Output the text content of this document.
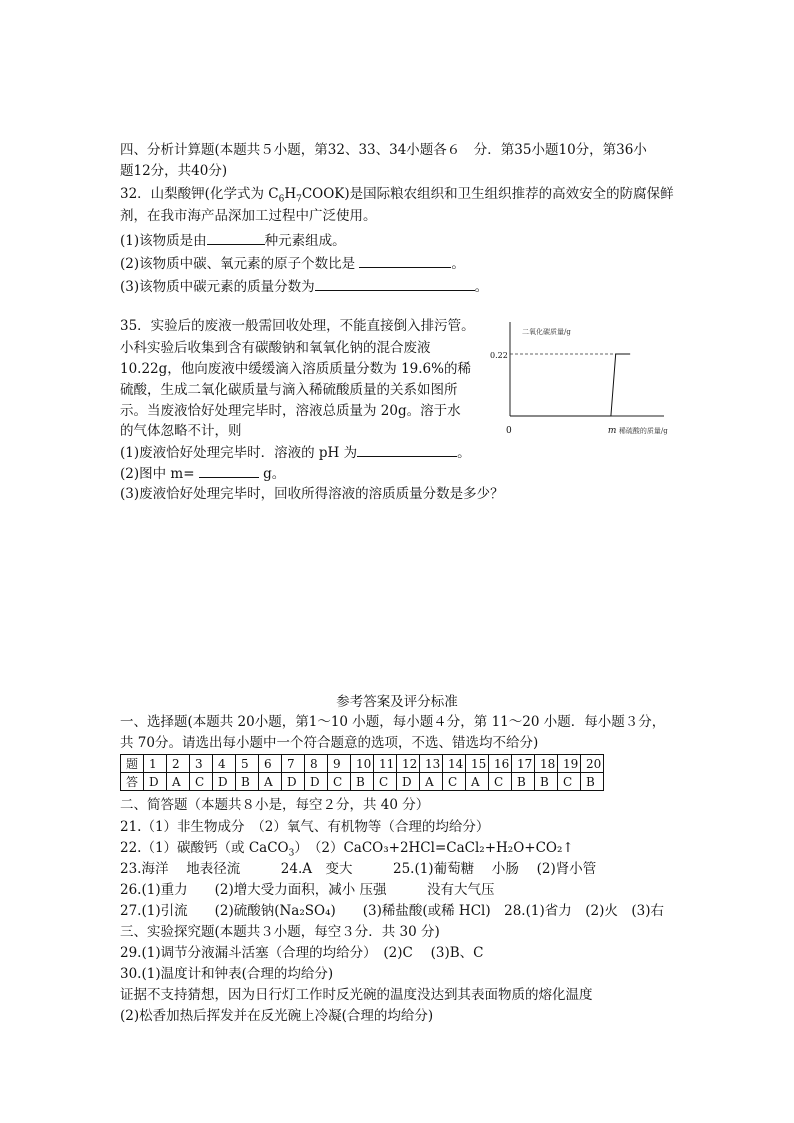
四、分析计算题(本题共５小题，第32、33、34小题各６　分．第35小题10分，第36小
题12分，共40分)
32．山梨酸钾(化学式为 $C_6H_7COOK$)是国际粮农组织和卫生组织推荐的高效安全的防腐保鲜
剂，在我市海产品深加工过程中广泛使用。
(1)该物质是由	种元素组成。
(2)该物质中碳、氧元素的原子个数比是	。
(3)该物质中碳元素的质量分数为	。
35．实验后的废液一般需回收处理，不能直接倒入排污管。
小科实验后收集到含有碳酸钠和氧氧化钠的混合废液
10.22g，他向废液中缓缓滴入溶质质量分数为 19.6%的稀
硫酸，生成二氧化碳质量与滴入稀硫酸质量的关系如图所
示。当废液恰好处理完毕时，溶液总质量为 20g。溶于水
的气体忽略不计，则
(1)废液恰好处理完毕时．溶液的 pH 为	。
(2)图中 m=	g。
(3)废液恰好处理完毕时，回收所得溶液的溶质质量分数是多少？
二氧化碳质量/g
0.22
0	m 稀硫酸的质量/g
参考答案及评分标准
一、选择题(本题共 20小题，第1～10 小题，每小题４分，第 11～20 小题．每小题３分，
共 70分。请选出每小题中一个符合题意的选项，不选、错选均不给分)
题	1	2	3	4	5	6	7	8	9	10	11	12	13	14	15	16	17	18	19	20
答	D	A	C	D	B	A	D	D	C	B	C	D	A	C	A	C	B	B	C	B
二、简答题（本题共８小是，每空２分，共 40 分）
21.（1）非生物成分　（2）氧气、有机物等（合理的均给分）
22.（1）碳酸钙（或 CaCO$_3$）　（2）CaCO₃+2HCl=CaCl₂+H₂O+CO₂↑
23.海洋　 地表径流　　　24.A　变大　　　25.(1)葡萄糖　 小肠　 (2)肾小管
26.(1)重力　　(2)增大受力面积，减小 压强　　　没有大气压
27.(1)引流　　(2)硫酸钠(Na₂SO₄)　　(3)稀盐酸(或稀 HCl)　28.(1)省力　(2)火　(3)右
三、实验探究题(本题共３小题，每空３分．共 30 分)
29.(1)调节分液漏斗活塞（合理的均给分）　(2)C　 (3)B、C
30.(1)温度计和钟表(合理的均给分)
证据不支持猜想，因为日行灯工作时反光碗的温度没达到其表面物质的熔化温度
(2)松香加热后挥发并在反光碗上冷凝(合理的均给分)
